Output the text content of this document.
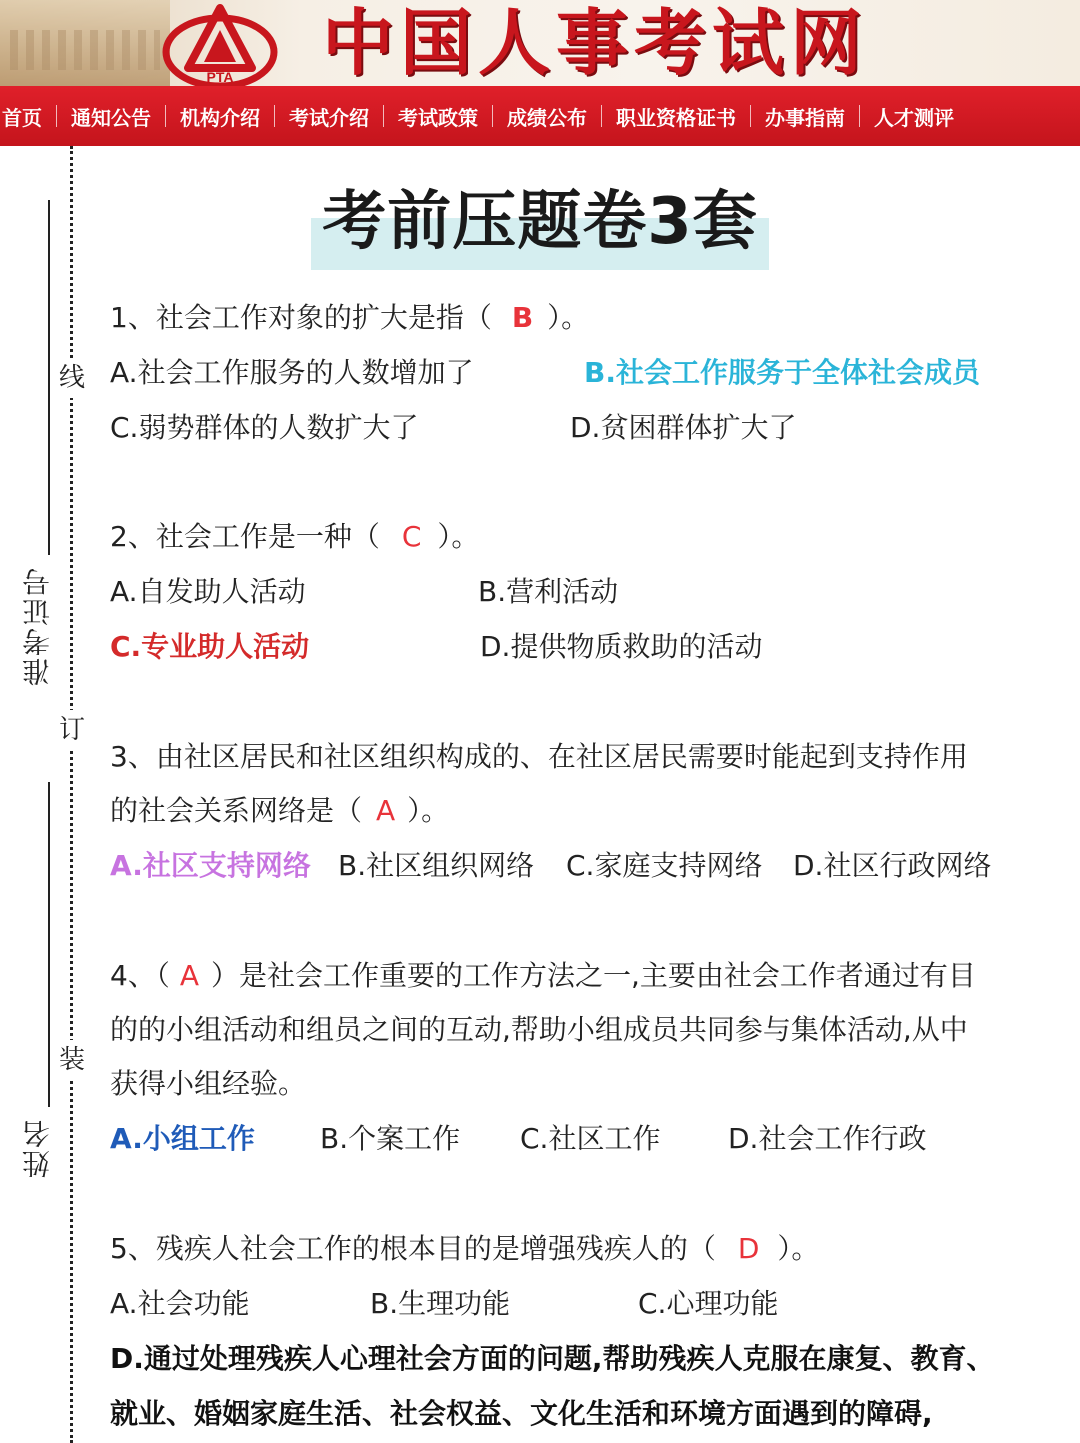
PTA 中国人事考试网
首页	通知公告	机构介绍	考试介绍	考试政策	成绩公布	职业资格证书	办事指南	人才测评
线
订
装
准考证号
姓名
考前压题卷3套
1、社会工作对象的扩大是指（ B ）。
A.社会工作服务的人数增加了	B.社会工作服务于全体社会成员
C.弱势群体的人数扩大了	D.贫困群体扩大了
2、社会工作是一种（ C ）。
A.自发助人活动	B.营利活动
C.专业助人活动	D.提供物质救助的活动
3、由社区居民和社区组织构成的、在社区居民需要时能起到支持作用
的社会关系网络是（ A ）。
A.社区支持网络 B.社区组织网络 C.家庭支持网络 D.社区行政网络
4、（ A ）是社会工作重要的工作方法之一,主要由社会工作者通过有目
的的小组活动和组员之间的互动,帮助小组成员共同参与集体活动,从中
获得小组经验。
A.小组工作 B.个案工作 C.社区工作 D.社会工作行政
5、残疾人社会工作的根本目的是增强残疾人的（ D ）。
A.社会功能	B.生理功能	C.心理功能
D.通过处理残疾人心理社会方面的问题,帮助残疾人克服在康复、教育、
就业、婚姻家庭生活、社会权益、文化生活和环境方面遇到的障碍,
